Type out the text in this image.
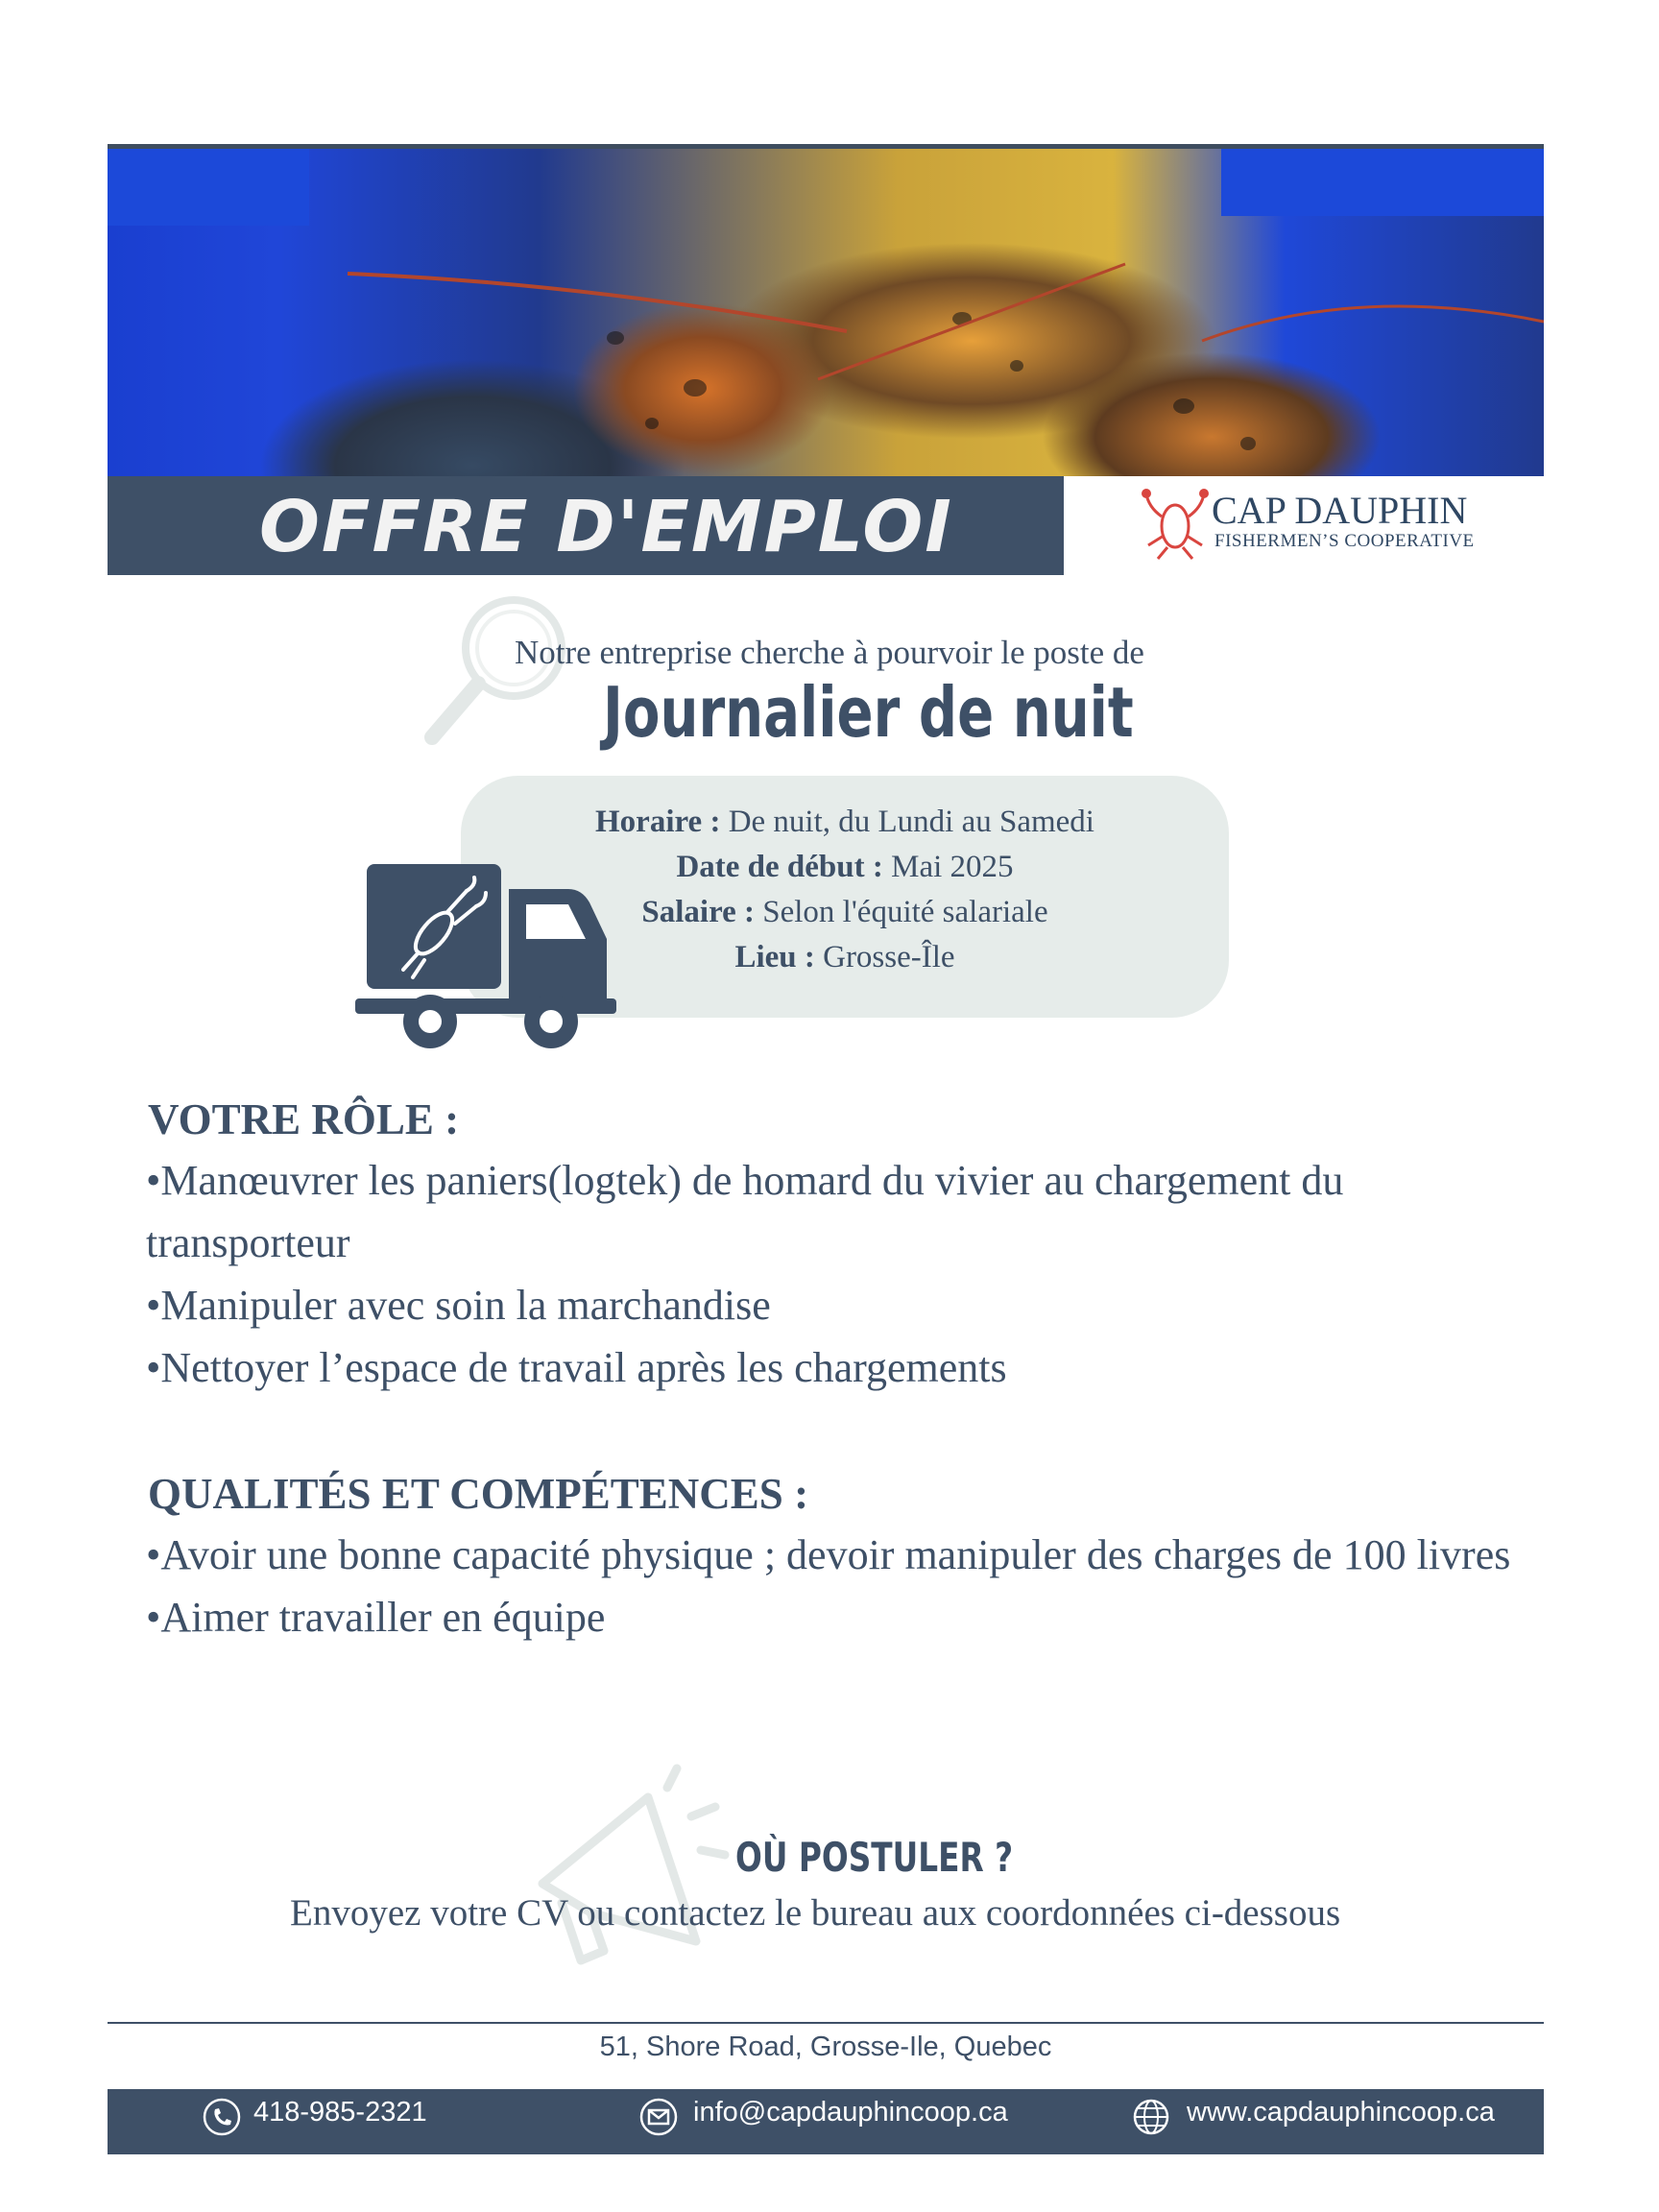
OFFRE D'EMPLOI	CAP DAUPHIN
FISHERMEN’S COOPERATIVE
Notre entreprise cherche à pourvoir le poste de
Journalier de nuit
Horaire : De nuit, du Lundi au Samedi
Date de début : Mai 2025
Salaire : Selon l'équité salariale
Lieu : Grosse-Île
VOTRE RÔLE :
•Manœuvrer les paniers(logtek) de homard du vivier au chargement du
transporteur
•Manipuler avec soin la marchandise
•Nettoyer l’espace de travail après les chargements
QUALITÉS ET COMPÉTENCES :
•Avoir une bonne capacité physique ; devoir manipuler des charges de 100 livres
•Aimer travailler en équipe
OÙ POSTULER ?
Envoyez votre CV ou contactez le bureau aux coordonnées ci-dessous
51, Shore Road, Grosse-Ile, Quebec
418-985-2321	info@capdauphincoop.ca	www.capdauphincoop.ca
